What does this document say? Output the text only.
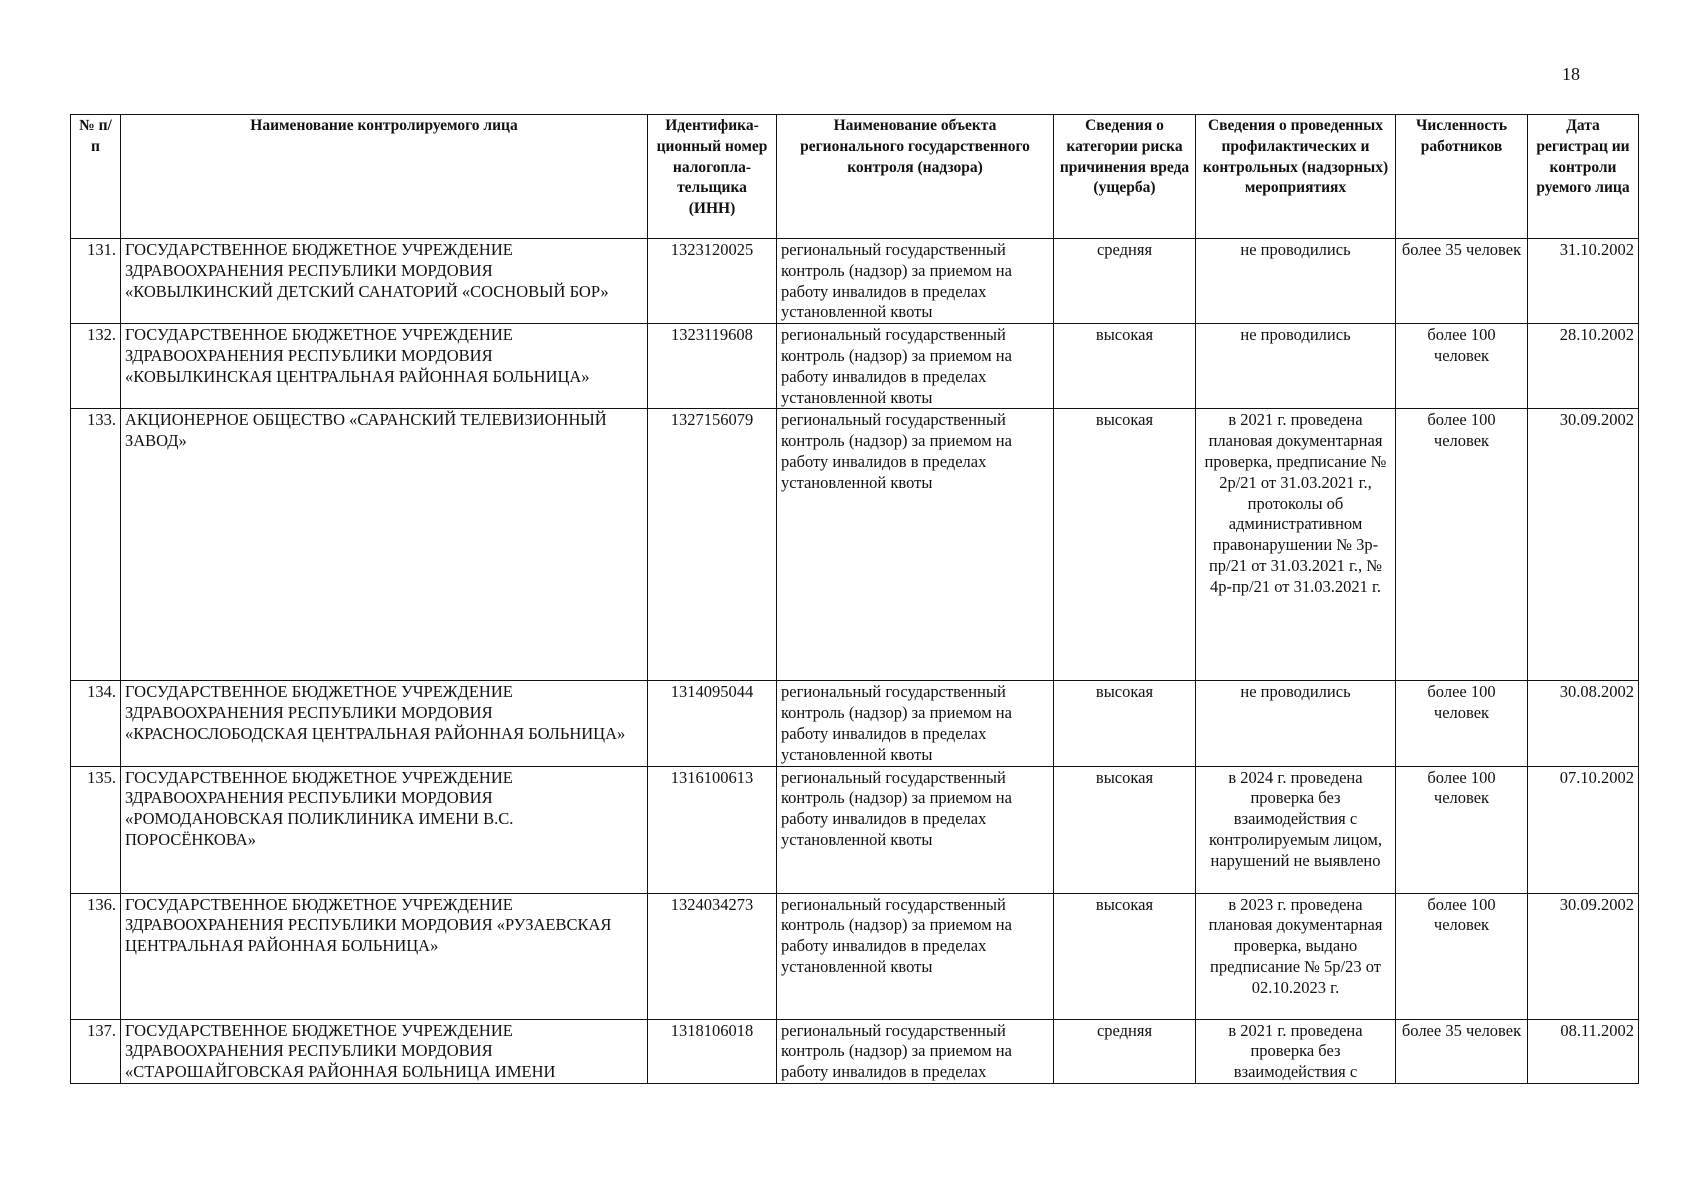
18
№ п/п	Наименование контролируемого лица	Идентифика-ционный номер налогопла-тельщика (ИНН)	Наименование объекта регионального государственного контроля (надзора)	Сведения о категории риска причинения вреда (ущерба)	Сведения о проведенных профилактических и контрольных (надзорных) мероприятиях	Численность работников	Дата регистрац ии контроли руемого лица
131.	ГОСУДАРСТВЕННОЕ БЮДЖЕТНОЕ УЧРЕЖДЕНИЕ ЗДРАВООХРАНЕНИЯ РЕСПУБЛИКИ МОРДОВИЯ «КОВЫЛКИНСКИЙ ДЕТСКИЙ САНАТОРИЙ «СОСНОВЫЙ БОР»	1323120025	региональный государственный контроль (надзор) за приемом на работу инвалидов в пределах установленной квоты	средняя	не проводились	более 35 человек	31.10.2002
132.	ГОСУДАРСТВЕННОЕ БЮДЖЕТНОЕ УЧРЕЖДЕНИЕ ЗДРАВООХРАНЕНИЯ РЕСПУБЛИКИ МОРДОВИЯ «КОВЫЛКИНСКАЯ ЦЕНТРАЛЬНАЯ РАЙОННАЯ БОЛЬНИЦА»	1323119608	региональный государственный контроль (надзор) за приемом на работу инвалидов в пределах установленной квоты	высокая	не проводились	более 100 человек	28.10.2002
133.	АКЦИОНЕРНОЕ ОБЩЕСТВО «САРАНСКИЙ ТЕЛЕВИЗИОННЫЙ ЗАВОД»	1327156079	региональный государственный контроль (надзор) за приемом на работу инвалидов в пределах установленной квоты	высокая	в 2021 г. проведена плановая документарная проверка, предписание № 2р/21 от 31.03.2021 г., протоколы об административном правонарушении № 3р-пр/21 от 31.03.2021 г., № 4р-пр/21 от 31.03.2021 г.	более 100 человек	30.09.2002
134.	ГОСУДАРСТВЕННОЕ БЮДЖЕТНОЕ УЧРЕЖДЕНИЕ ЗДРАВООХРАНЕНИЯ РЕСПУБЛИКИ МОРДОВИЯ «КРАСНОСЛОБОДСКАЯ ЦЕНТРАЛЬНАЯ РАЙОННАЯ БОЛЬНИЦА»	1314095044	региональный государственный контроль (надзор) за приемом на работу инвалидов в пределах установленной квоты	высокая	не проводились	более 100 человек	30.08.2002
135.	ГОСУДАРСТВЕННОЕ БЮДЖЕТНОЕ УЧРЕЖДЕНИЕ ЗДРАВООХРАНЕНИЯ РЕСПУБЛИКИ МОРДОВИЯ «РОМОДАНОВСКАЯ ПОЛИКЛИНИКА ИМЕНИ В.С. ПОРОСЁНКОВА»	1316100613	региональный государственный контроль (надзор) за приемом на работу инвалидов в пределах установленной квоты	высокая	в 2024 г. проведена проверка без взаимодействия с контролируемым лицом, нарушений не выявлено	более 100 человек	07.10.2002
136.	ГОСУДАРСТВЕННОЕ БЮДЖЕТНОЕ УЧРЕЖДЕНИЕ ЗДРАВООХРАНЕНИЯ РЕСПУБЛИКИ МОРДОВИЯ «РУЗАЕВСКАЯ ЦЕНТРАЛЬНАЯ РАЙОННАЯ БОЛЬНИЦА»	1324034273	региональный государственный контроль (надзор) за приемом на работу инвалидов в пределах установленной квоты	высокая	в 2023 г. проведена плановая документарная проверка, выдано предписание № 5р/23 от 02.10.2023 г.	более 100 человек	30.09.2002
137.	ГОСУДАРСТВЕННОЕ БЮДЖЕТНОЕ УЧРЕЖДЕНИЕ ЗДРАВООХРАНЕНИЯ РЕСПУБЛИКИ МОРДОВИЯ «СТАРОШАЙГОВСКАЯ РАЙОННАЯ БОЛЬНИЦА ИМЕНИ	1318106018	региональный государственный контроль (надзор) за приемом на работу инвалидов в пределах	средняя	в 2021 г. проведена проверка без взаимодействия с	более 35 человек	08.11.2002
